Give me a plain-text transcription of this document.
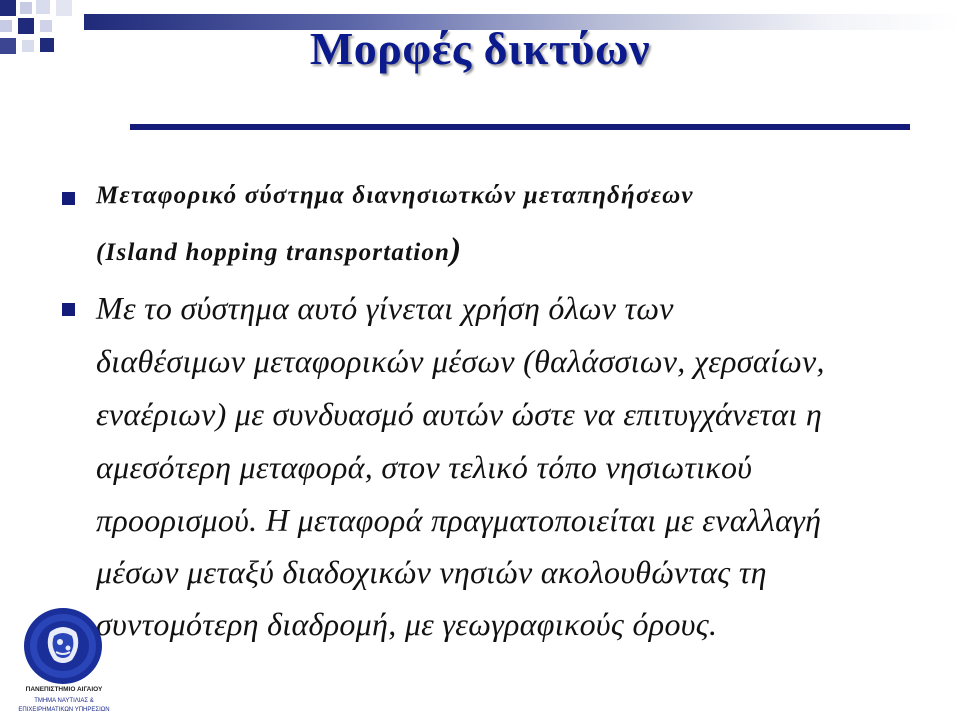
Μορφές δικτύων
Μεταφορικό σύστημα διανησιωτκών μεταπηδήσεων
(Island hopping transportation)
Με το σύστημα αυτό γίνεται χρήση όλων των
διαθέσιμων μεταφορικών μέσων (θαλάσσιων, χερσαίων,
εναέριων) με συνδυασμό αυτών ώστε να επιτυγχάνεται η
αμεσότερη μεταφορά, στον τελικό τόπο νησιωτικού
προορισμού. Η μεταφορά πραγματοποιείται με εναλλαγή
μέσων μεταξύ διαδοχικών νησιών ακολουθώντας τη
συντομότερη διαδρομή, με γεωγραφικούς όρους.
ΠΑΝΕΠΙΣΤΗΜΙΟ ΑΙΓΑΙΟΥ
ΤΜΗΜΑ ΝΑΥΤΙΛΙΑΣ &
ΕΠΙΧΕΙΡΗΜΑΤΙΚΩΝ ΥΠΗΡΕΣΙΩΝ
